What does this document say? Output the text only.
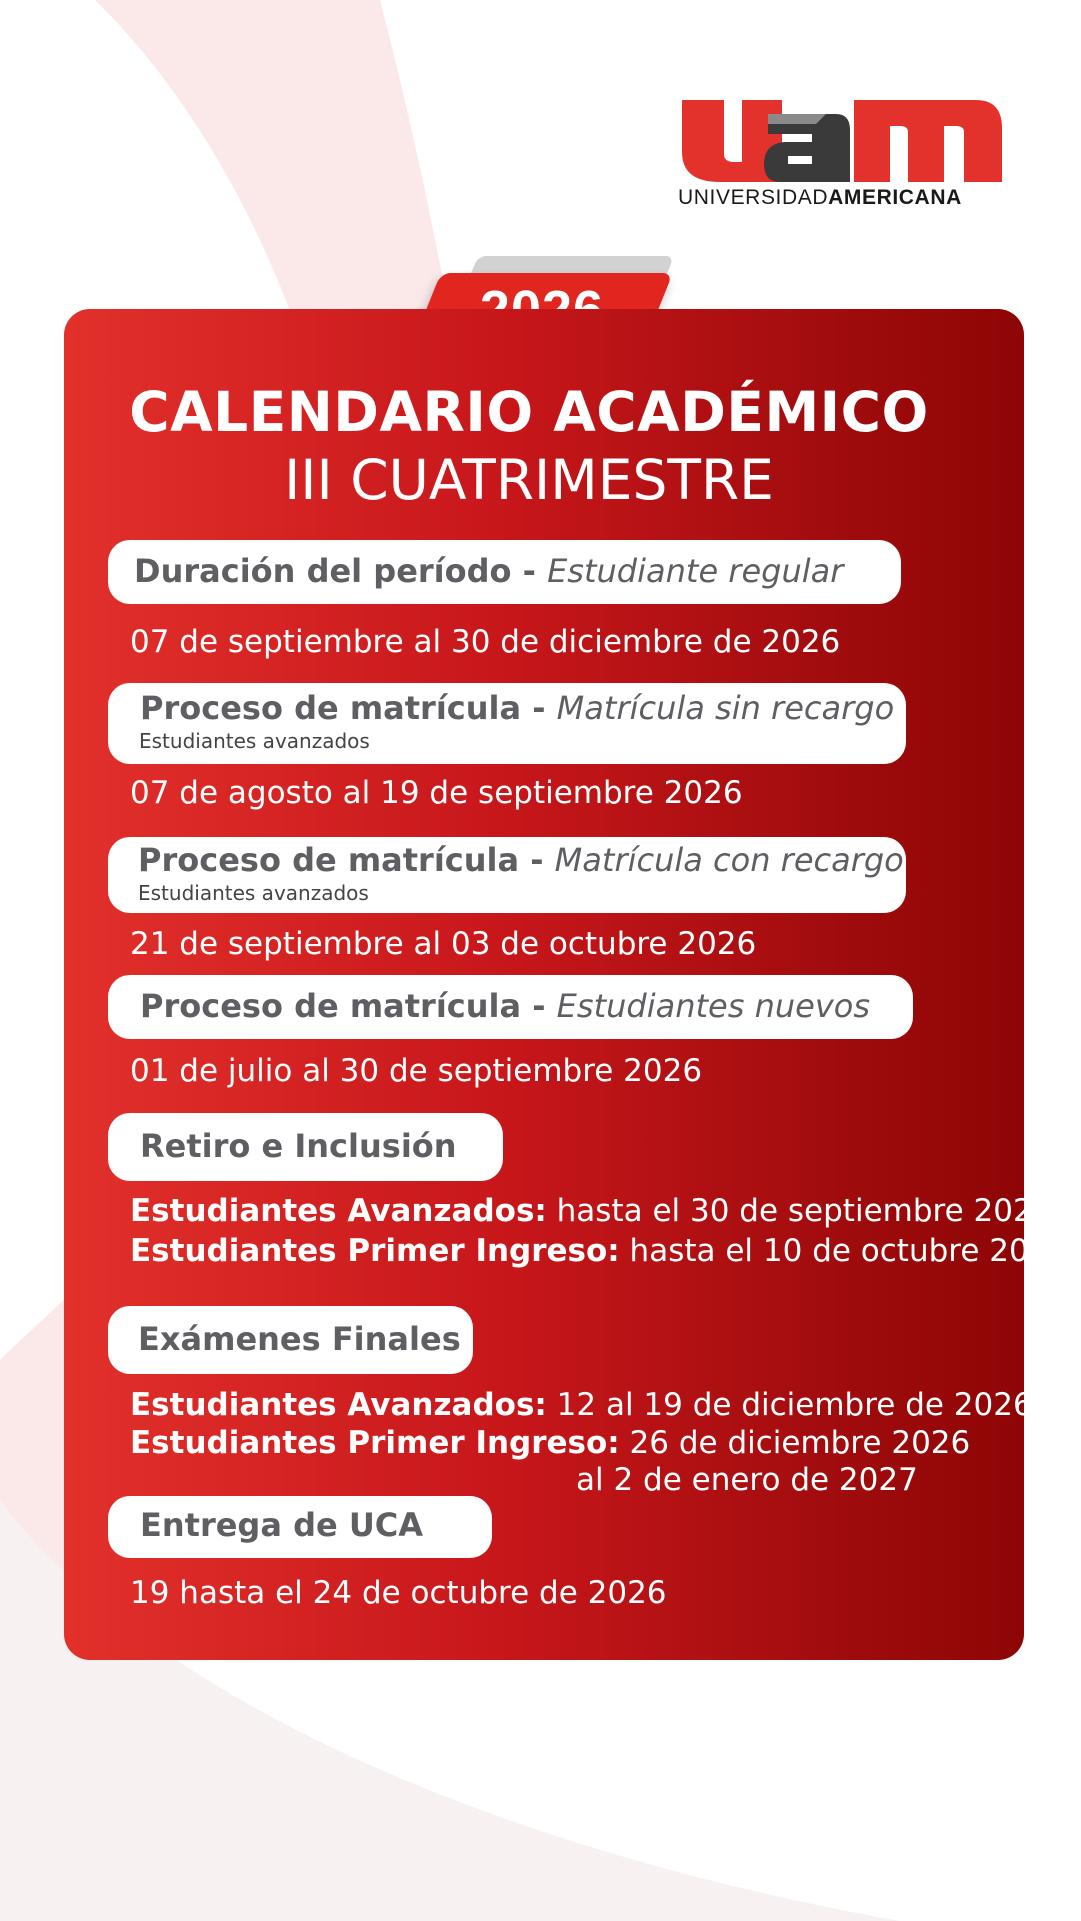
UNIVERSIDADAMERICANA
CALENDARIO ACADÉMICO
III CUATRIMESTRE
Duración del período - Estudiante regular
07 de septiembre al 30 de diciembre de 2026
Proceso de matrícula - Matrícula sin recargo
Estudiantes avanzados
07 de agosto al 19 de septiembre 2026
Proceso de matrícula - Matrícula con recargo
Estudiantes avanzados
21 de septiembre al 03 de octubre 2026
Proceso de matrícula - Estudiantes nuevos
01 de julio al 30 de septiembre 2026
Retiro e Inclusión
Estudiantes Avanzados: hasta el 30 de septiembre 2026
Estudiantes Primer Ingreso: hasta el 10 de octubre 2026
Exámenes Finales
Estudiantes Avanzados: 12 al 19 de diciembre de 2026
Estudiantes Primer Ingreso: 26 de diciembre 2026
al 2 de enero de 2027
Entrega de UCA
19 hasta el 24 de octubre de 2026
